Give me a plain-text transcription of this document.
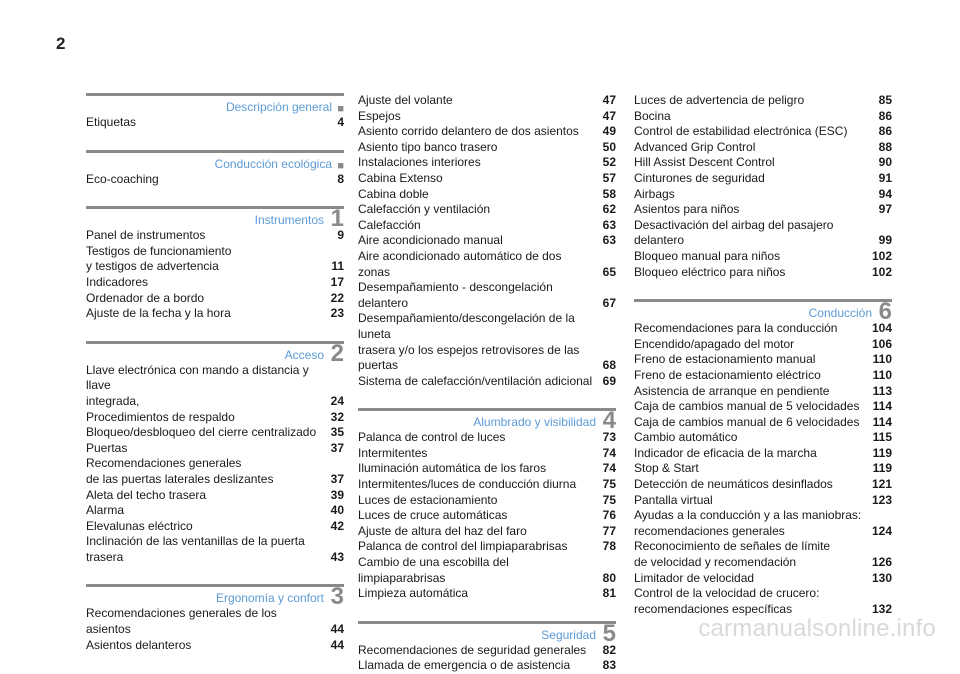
2
Descripción general ■
Etiquetas	4
Conducción ecológica ■
Eco-coaching	8
Instrumentos 1
Panel de instrumentos	9
Testigos de funcionamiento
y testigos de advertencia	11
Indicadores	17
Ordenador de a bordo	22
Ajuste de la fecha y la hora	23
Acceso 2
Llave electrónica con mando a distancia y llave
integrada,	24
Procedimientos de respaldo	32
Bloqueo/desbloqueo del cierre centralizado	35
Puertas	37
Recomendaciones generales
de las puertas laterales deslizantes	37
Aleta del techo trasera	39
Alarma	40
Elevalunas eléctrico	42
Inclinación de las ventanillas de la puerta trasera	43
Ergonomía y confort 3
Recomendaciones generales de los asientos	44
Asientos delanteros	44
Ajuste del volante	47
Espejos	47
Asiento corrido delantero de dos asientos	49
Asiento tipo banco trasero	50
Instalaciones interiores	52
Cabina Extenso	57
Cabina doble	58
Calefacción y ventilación	62
Calefacción	63
Aire acondicionado manual	63
Aire acondicionado automático de dos zonas	65
Desempañamiento - descongelación delantero	67
Desempañamiento/descongelación de la luneta
trasera y/o los espejos retrovisores de las puertas	68
Sistema de calefacción/ventilación adicional 69
Alumbrado y visibilidad 4
Palanca de control de luces	73
Intermitentes	74
Iluminación automática de los faros	74
Intermitentes/luces de conducción diurna	75
Luces de estacionamiento	75
Luces de cruce automáticas	76
Ajuste de altura del haz del faro	77
Palanca de control del limpiaparabrisas	78
Cambio de una escobilla del limpiaparabrisas	80
Limpieza automática	81
Seguridad 5
Recomendaciones de seguridad generales	82
Llamada de emergencia o de asistencia	83
Luces de advertencia de peligro	85
Bocina	86
Control de estabilidad electrónica (ESC)	86
Advanced Grip Control	88
Hill Assist Descent Control	90
Cinturones de seguridad	91
Airbags	94
Asientos para niños	97
Desactivación del airbag del pasajero delantero	99
Bloqueo manual para niños	102
Bloqueo eléctrico para niños	102
Conducción 6
Recomendaciones para la conducción	104
Encendido/apagado del motor	106
Freno de estacionamiento manual	110
Freno de estacionamiento eléctrico	110
Asistencia de arranque en pendiente	113
Caja de cambios manual de 5 velocidades	114
Caja de cambios manual de 6 velocidades	114
Cambio automático	115
Indicador de eficacia de la marcha	119
Stop & Start	119
Detección de neumáticos desinflados	121
Pantalla virtual	123
Ayudas a la conducción y a las maniobras:
recomendaciones generales	124
Reconocimiento de señales de límite
de velocidad y recomendación	126
Limitador de velocidad	130
Control de la velocidad de crucero:
recomendaciones específicas	132
carmanualsonline.info
